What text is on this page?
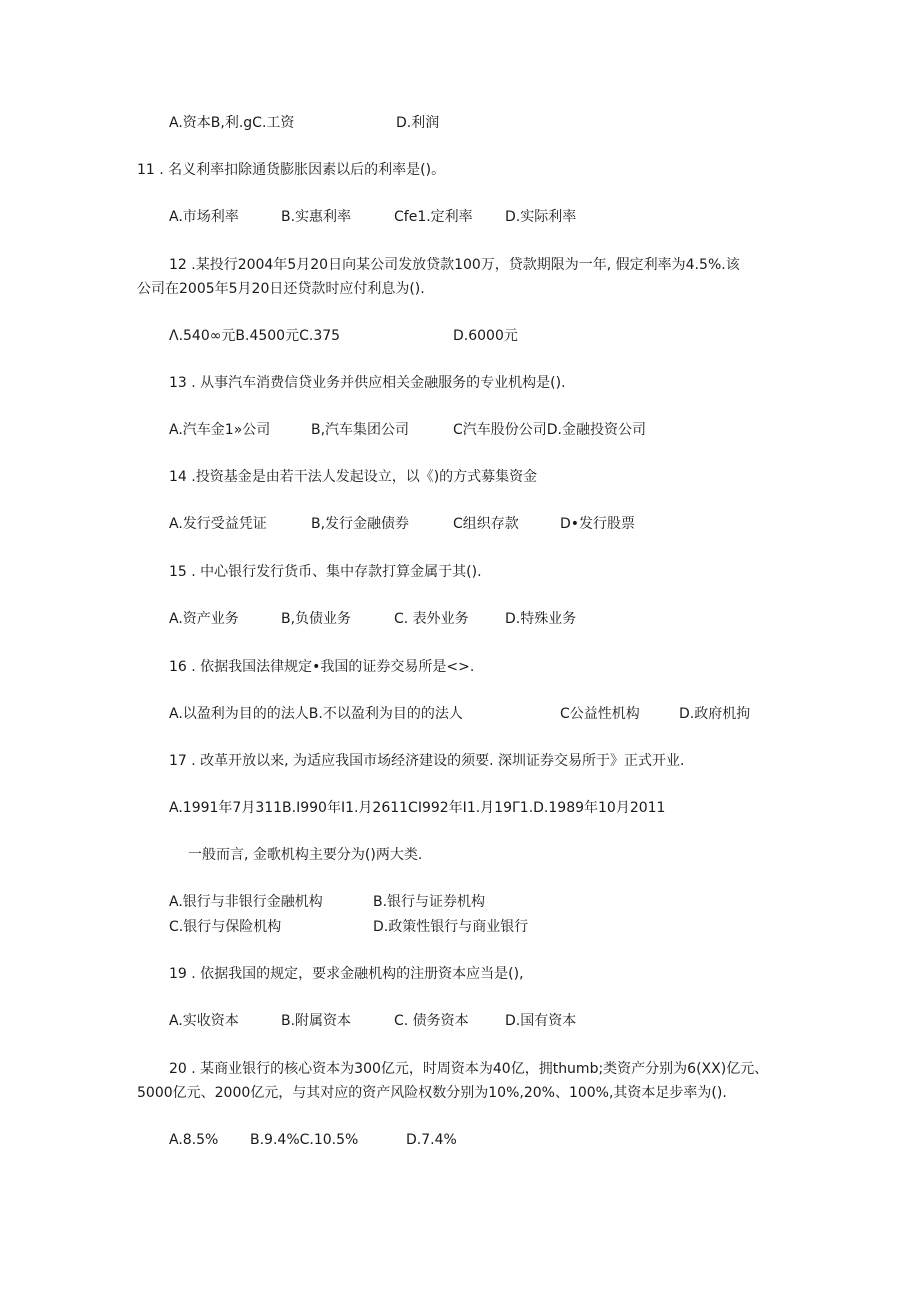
A.资本B,利.gC.工资	D.利润
11 . 名义利率扣除通货膨胀因素以后的利率是()。
A.市场利率	B.实惠利率	Cfe1.定利率 D.实际利率
12 .某投行2004年5月20日向某公司发放贷款100万，贷款期限为一年, 假定利率为4.5%.该
公司在2005年5月20日还贷款时应付利息为().
Λ.540∞元B.4500元C.375	D.6000元
13 . 从事汽车消费信贷业务并供应相关金融服务的专业机构是().
A.汽车金1»公司	B,汽车集团公司	C汽车股份公司D.金融投资公司
14 .投资基金是由若干法人发起设立，以《)的方式募集资金
A.发行受益凭证	B,发行金融债券	C组织存款	D•发行股票
15 . 中心银行发行货币、集中存款打算金属于其().
A.资产业务	B,负债业务	C. 表外业务	D.特殊业务
16 . 依据我国法律规定•我国的证券交易所是<>.
A.以盈利为目的的法人B.不以盈利为目的的法人	C公益性机构	D.政府机拘
17 . 改革开放以来, 为适应我国市场经济建设的须要. 深圳证券交易所于》正式开业.
A.1991年7月311B.I990年I1.月2611CI992年I1.月19Γ1.D.1989年10月2011
一般而言, 金歌机构主要分为()两大类.
A.银行与非银行金融机构	B.银行与证券机构
C.银行与保险机构	D.政策性银行与商业银行
19 . 依据我国的规定，要求金融机构的注册资本应当是(),
A.实收资本	B.附属资本	C. 债务资本	D.国有资本
20 . 某商业银行的核心资本为300亿元，时周资本为40亿，拥thumb;类资产分别为6(XX)亿元、
5000亿元、2000亿元，与其对应的资产风险权数分别为10%,20%、100%,其资本足步率为().
A.8.5% B.9.4%C.10.5%	D.7.4%
